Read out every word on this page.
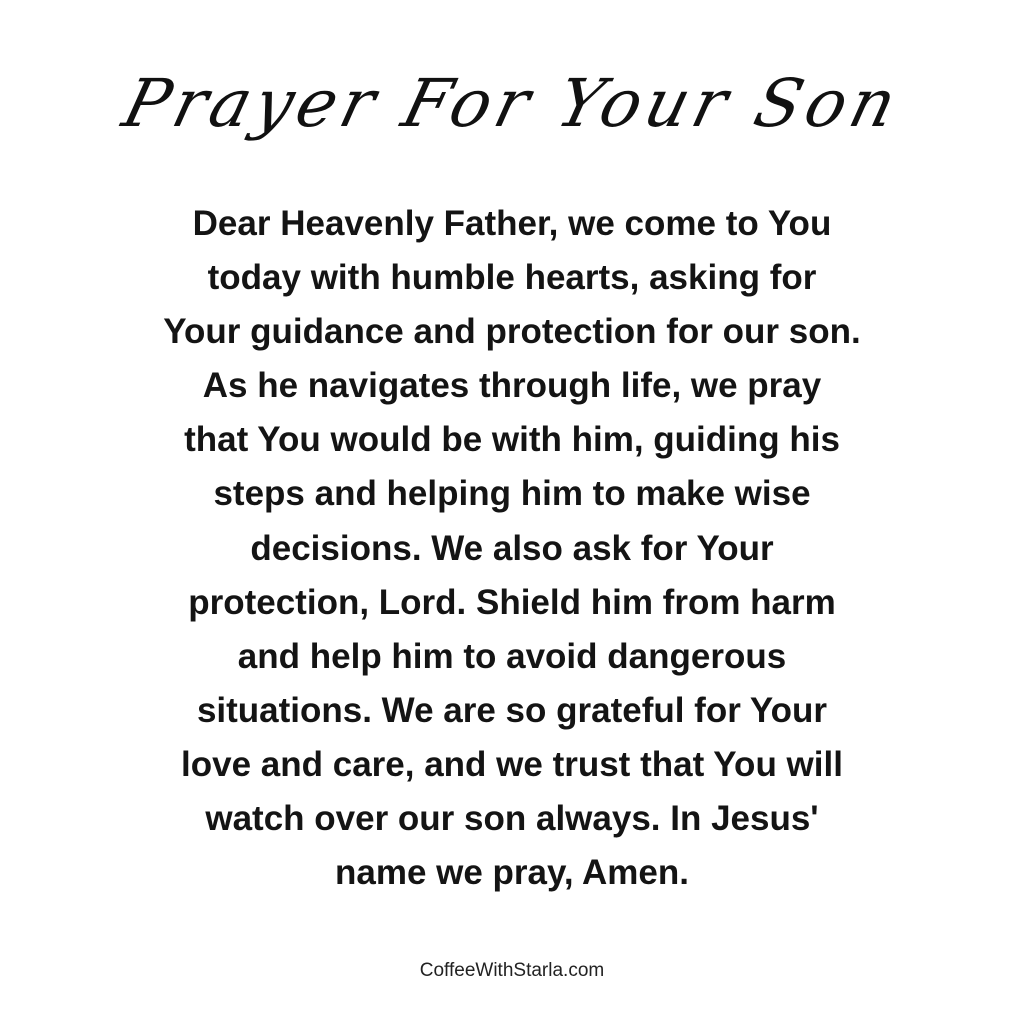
Prayer For Your Son
Dear Heavenly Father, we come to You
today with humble hearts, asking for
Your guidance and protection for our son.
As he navigates through life, we pray
that You would be with him, guiding his
steps and helping him to make wise
decisions. We also ask for Your
protection, Lord. Shield him from harm
and help him to avoid dangerous
situations. We are so grateful for Your
love and care, and we trust that You will
watch over our son always. In Jesus'
name we pray, Amen.
CoffeeWithStarla.com
